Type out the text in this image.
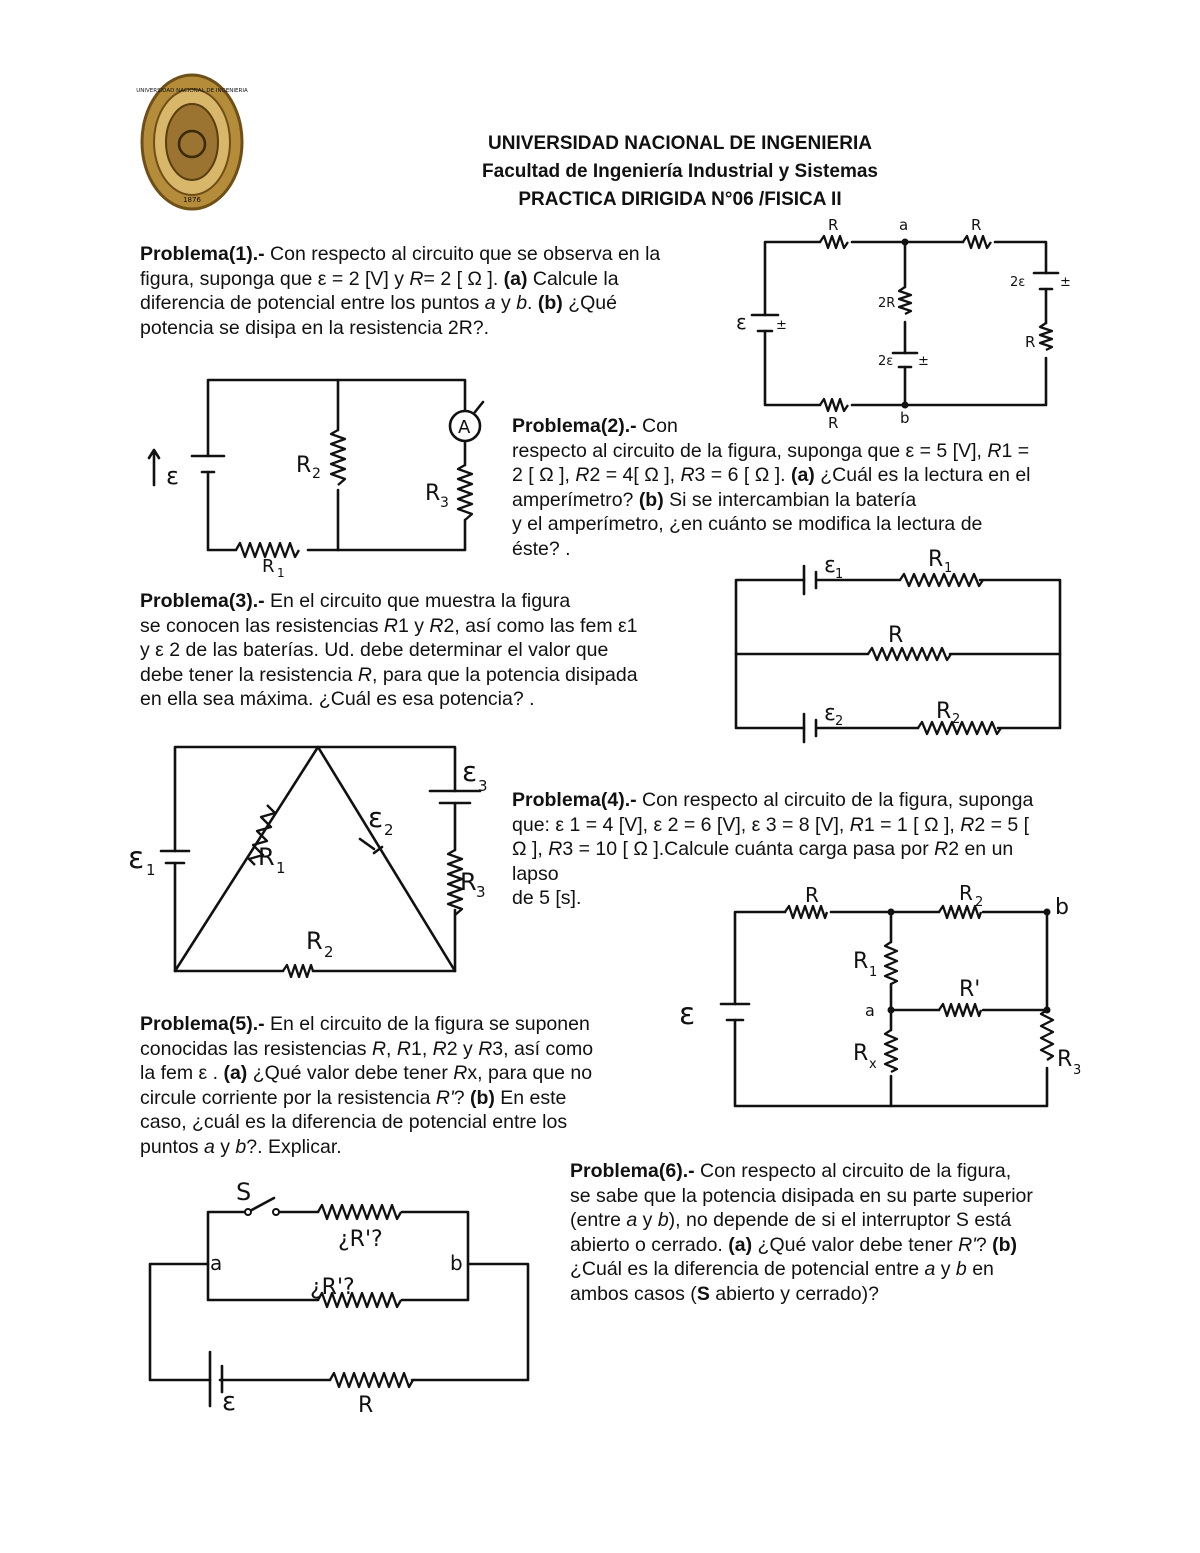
1876
UNIVERSIDAD NACIONAL DE INGENIERIA
UNIVERSIDAD NACIONAL DE INGENIERIA
Facultad de Ingeniería Industrial y Sistemas
PRACTICA DIRIGIDA N°06 /FISICA II
Problema(1).- Con respecto al circuito que se observa en la
figura, suponga que ε = 2 [V] y R= 2 [ Ω ]. (a) Calcule la
diferencia de potencial entre los puntos a y b. (b) ¿Qué
potencia se disipa en la resistencia 2R?.
R	R
R
R
a
b
2R
2ε ±
2ε	±
ε ±
A
ε	R 2
R 3
R 1
Problema(2).- Con
respecto al circuito de la figura, suponga que ε = 5 [V], R1 =
2 [ Ω ], R2 = 4[ Ω ], R3 = 6 [ Ω ]. (a) ¿Cuál es la lectura en el
amperímetro? (b) Si se intercambian la batería
y el amperímetro, ¿en cuánto se modifica la lectura de
éste? .
Problema(3).- En el circuito que muestra la figura
se conocen las resistencias R1 y R2, así como las fem ε1
y ε 2 de las baterías. Ud. debe determinar el valor que
debe tener la resistencia R, para que la potencia disipada
en ella sea máxima. ¿Cuál es esa potencia? .
ε 1
R 1
R
ε 2	R 2
ε 1	R 1
ε 2
ε 3
R 3
R 2
Problema(4).- Con respecto al circuito de la figura, suponga
que: ε 1 = 4 [V], ε 2 = 6 [V], ε 3 = 8 [V], R1 = 1 [ Ω ], R2 = 5 [
Ω ], R3 = 10 [ Ω ].Calcule cuánta carga pasa por R2 en un
lapso
de 5 [s].	R	R 2	b
R 1
R'
a
ε
R x	R 3
Problema(5).- En el circuito de la figura se suponen
conocidas las resistencias R, R1, R2 y R3, así como
la fem ε . (a) ¿Qué valor debe tener Rx, para que no
circule corriente por la resistencia R'? (b) En este
caso, ¿cuál es la diferencia de potencial entre los
puntos a y b?. Explicar.
Problema(6).- Con respecto al circuito de la figura,
se sabe que la potencia disipada en su parte superior
(entre a y b), no depende de si el interruptor S está
abierto o cerrado. (a) ¿Qué valor debe tener R'? (b)
¿Cuál es la diferencia de potencial entre a y b en
ambos casos (S abierto y cerrado)?
S
¿R'?
a	b
¿R'?
ε	R
